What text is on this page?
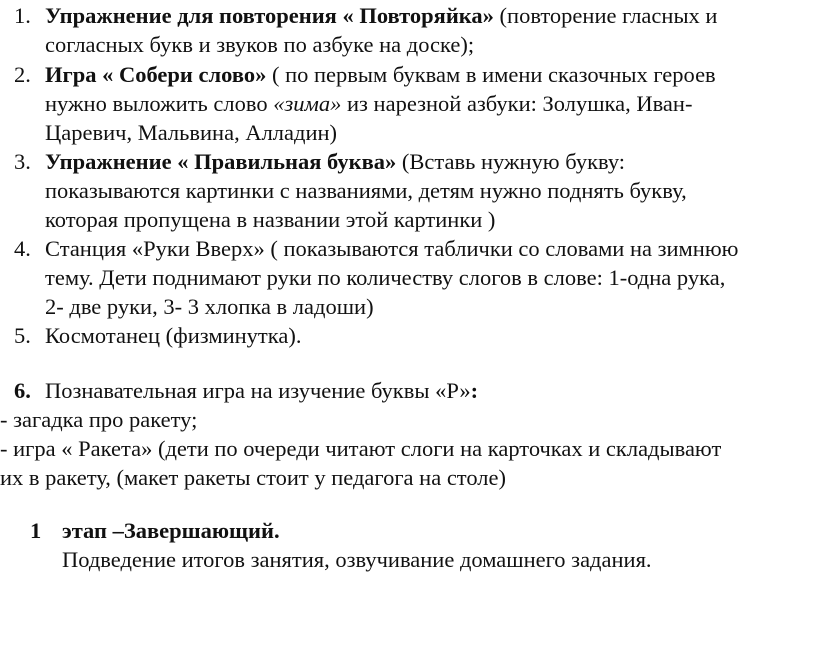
1. Упражнение для повторения « Повторяйка» (повторение гласных и
согласных букв и звуков по азбуке на доске);
2. Игра « Собери слово» ( по первым буквам в имени сказочных героев
нужно выложить слово «зима» из нарезной азбуки: Золушка, Иван-
Царевич, Мальвина, Алладин)
3. Упражнение « Правильная буква» (Вставь нужную букву:
показываются картинки с названиями, детям нужно поднять букву,
которая пропущена в названии этой картинки )
4. Станция «Руки Вверх» ( показываются таблички со словами на зимнюю
тему. Дети поднимают руки по количеству слогов в слове: 1-одна рука,
2- две руки, 3- 3 хлопка в ладоши)
5. Космотанец (физминутка).
6. Познавательная игра на изучение буквы «Р»:
- загадка про ракету;
- игра « Ракета» (дети по очереди читают слоги на карточках и складывают
их в ракету, (макет ракеты стоит у педагога на столе)
1 этап –Завершающий.
Подведение итогов занятия, озвучивание домашнего задания.
